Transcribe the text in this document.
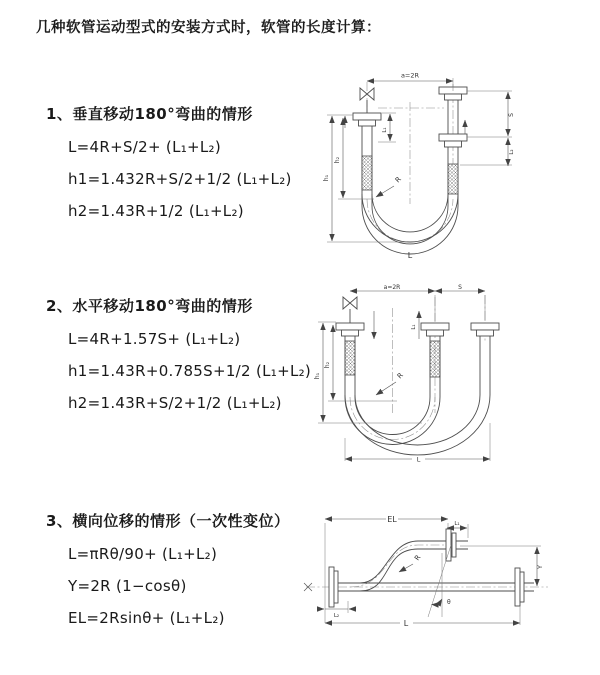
几种软管运动型式的安装方式时，软管的长度计算：
1、垂直移动180°弯曲的情形

L=4R+S/2+ (L₁+L₂)

h1=1.432R+S/2+1/2 (L₁+L₂)

h2=1.43R+1/2 (L₁+L₂)

2、水平移动180°弯曲的情形

L=4R+1.57S+ (L₁+L₂)

h1=1.43R+0.785S+1/2 (L₁+L₂)

h2=1.43R+S/2+1/2 (L₁+L₂)

3、横向位移的情形（一次性变位）

L=πRθ/90+ (L₁+L₂)

Y=2R (1−cosθ)

EL=2Rsinθ+ (L₁+L₂)

a=2R
L₁
h₁
h₂
S
L₂
R
L
a=2R	S
L₁
h₁
h₂
R
L
EL	L₁
Y
R
θ
L
L₂
